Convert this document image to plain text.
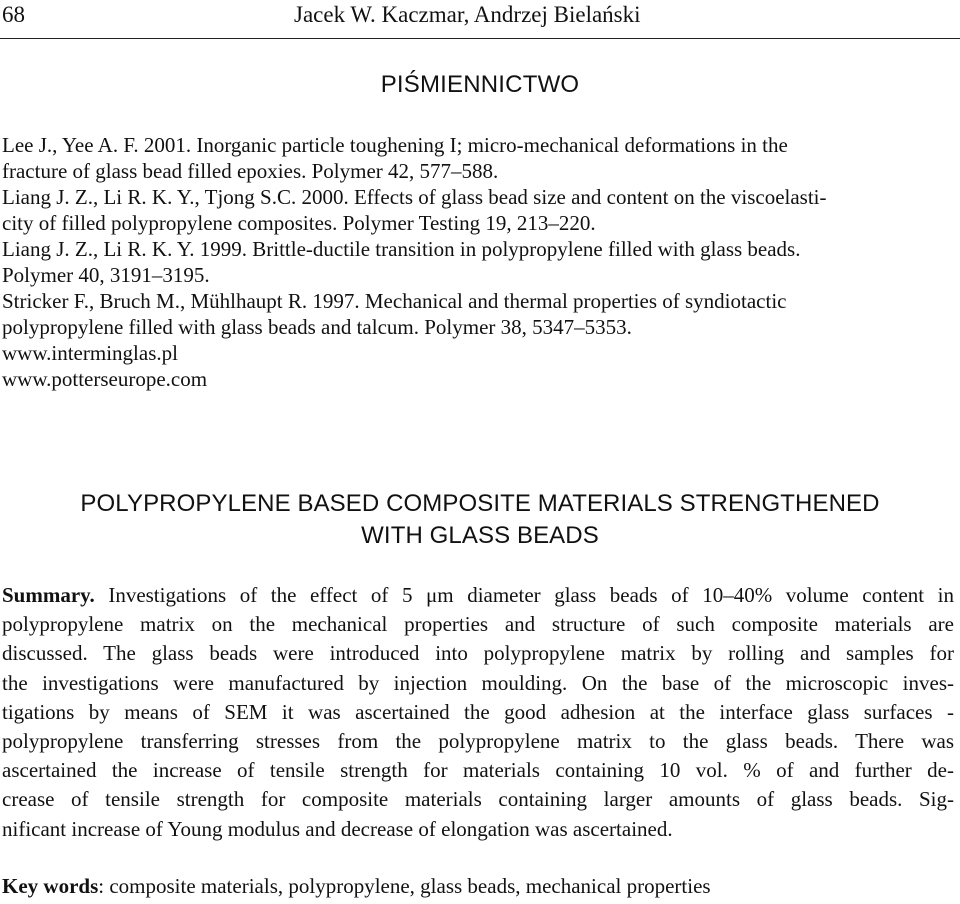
68	Jacek W. Kaczmar, Andrzej Bielański
PIŚMIENNICTWO
Lee J., Yee A. F. 2001. Inorganic particle toughening I; micro-mechanical deformations in the
fracture of glass bead filled epoxies. Polymer 42, 577–588.
Liang J. Z., Li R. K. Y., Tjong S.C. 2000. Effects of glass bead size and content on the viscoelasti-
city of filled polypropylene composites. Polymer Testing 19, 213–220.
Liang J. Z., Li R. K. Y. 1999. Brittle-ductile transition in polypropylene filled with glass beads.
Polymer 40, 3191–3195.
Stricker F., Bruch M., Mühlhaupt R. 1997. Mechanical and thermal properties of syndiotactic
polypropylene filled with glass beads and talcum. Polymer 38, 5347–5353.
www.interminglas.pl
www.potterseurope.com
POLYPROPYLENE BASED COMPOSITE MATERIALS STRENGTHENED
WITH GLASS BEADS
Summary. Investigations of the effect of 5 μm diameter glass beads of 10–40% volume content in
polypropylene matrix on the mechanical properties and structure of such composite materials are
discussed. The glass beads were introduced into polypropylene matrix by rolling and samples for
the investigations were manufactured by injection moulding. On the base of the microscopic inves-
tigations by means of SEM it was ascertained the good adhesion at the interface glass surfaces -
polypropylene transferring stresses from the polypropylene matrix to the glass beads. There was
ascertained the increase of tensile strength for materials containing 10 vol. % of and further de-
crease of tensile strength for composite materials containing larger amounts of glass beads. Sig-
nificant increase of Young modulus and decrease of elongation was ascertained.
Key words: composite materials, polypropylene, glass beads, mechanical properties
